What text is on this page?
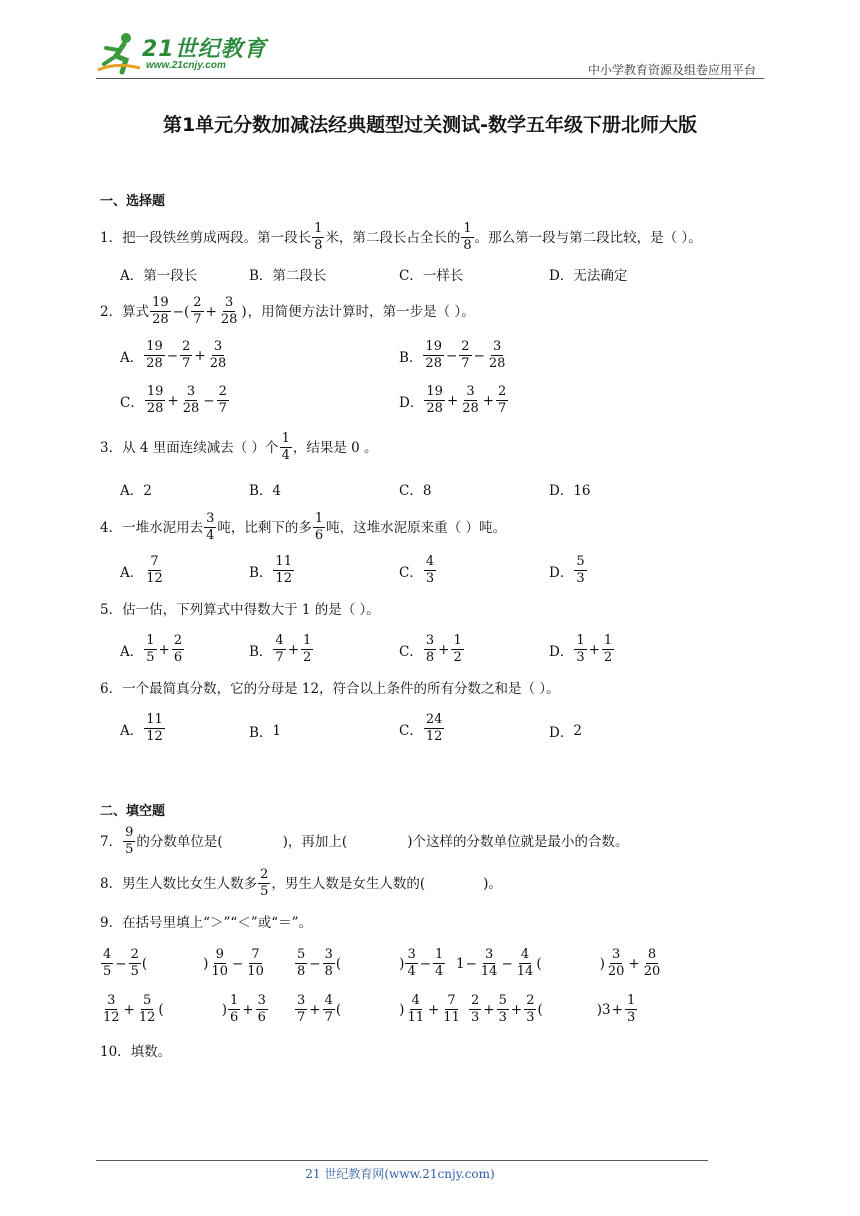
21世纪教育
www.21cnjy.com	中小学教育资源及组卷应用平台
第1单元分数加减法经典题型过关测试-数学五年级下册北师大版
一、选择题
1．把一段铁丝剪成两段。第一段长 $\frac{1}{8}$ 米，第二段长占全长的 $\frac{1}{8}$ 。那么第一段与第二段比较，是（ ）。
A．第一段长	B．第二段长	C．一样长	D．无法确定
2．算式 $\frac{19}{28}$ −( $\frac{2}{7} + \frac{3}{28}$ ) ，用简便方法计算时，第一步是（ ）。
A． $\frac{19}{28} - \frac{2}{7} + \frac{3}{28}$	B． $\frac{19}{28} - \frac{2}{7} - \frac{3}{28}$
C． $\frac{19}{28} + \frac{3}{28} - \frac{2}{7}$	D． $\frac{19}{28} + \frac{3}{28} + \frac{2}{7}$
3．从 4 里面连续减去（ ）个 $\frac{1}{4}$ ，结果是 0 。
A．2	B．4	C．8	D．16
4．一堆水泥用去 $\frac{3}{4}$ 吨，比剩下的多 $\frac{1}{6}$ 吨，这堆水泥原来重（ ）吨。
A． $\frac{7}{12}$	B． $\frac{11}{12}$	C． $\frac{4}{3}$	D． $\frac{5}{3}$
5．估一估，下列算式中得数大于 1 的是（ ）。
A． $\frac{1}{5} + \frac{2}{6}$	B． $\frac{4}{7} + \frac{1}{2}$	C． $\frac{3}{8} + \frac{1}{2}$	D． $\frac{1}{3} + \frac{1}{2}$
6．一个最简真分数，它的分母是 12，符合以上条件的所有分数之和是（ ）。
A． $\frac{11}{12}$	B． 1	C． $\frac{24}{12}$	D． 2
二、填空题
7． $\frac{9}{5}$ 的分数单位是(	)，再加上(	)个这样的分数单位就是最小的合数。
8．男生人数比女生人数多 $\frac{2}{5}$ ，男生人数是女生人数的(	)。
9．在括号里填上“＞”“＜”或“＝”。
$\frac{4}{5} - \frac{2}{5}$ (	) $\frac{9}{10} - \frac{7}{10} \frac{5}{8} - \frac{3}{8}$ (	) $\frac{3}{4} - \frac{1}{4} 1 - \frac{3}{14} - \frac{4}{14}$ (	) $\frac{3}{20} + \frac{8}{20}$
$\frac{3}{12} + \frac{5}{12}$ (	) $\frac{1}{6} + \frac{3}{6} \frac{3}{7} + \frac{4}{7}$ (	) $\frac{4}{11} + \frac{7}{11} \frac{2}{3} + \frac{5}{3} + \frac{2}{3}$ (	) $3 + \frac{1}{3}$
10．填数。
21 世纪教育网(www.21cnjy.com)
